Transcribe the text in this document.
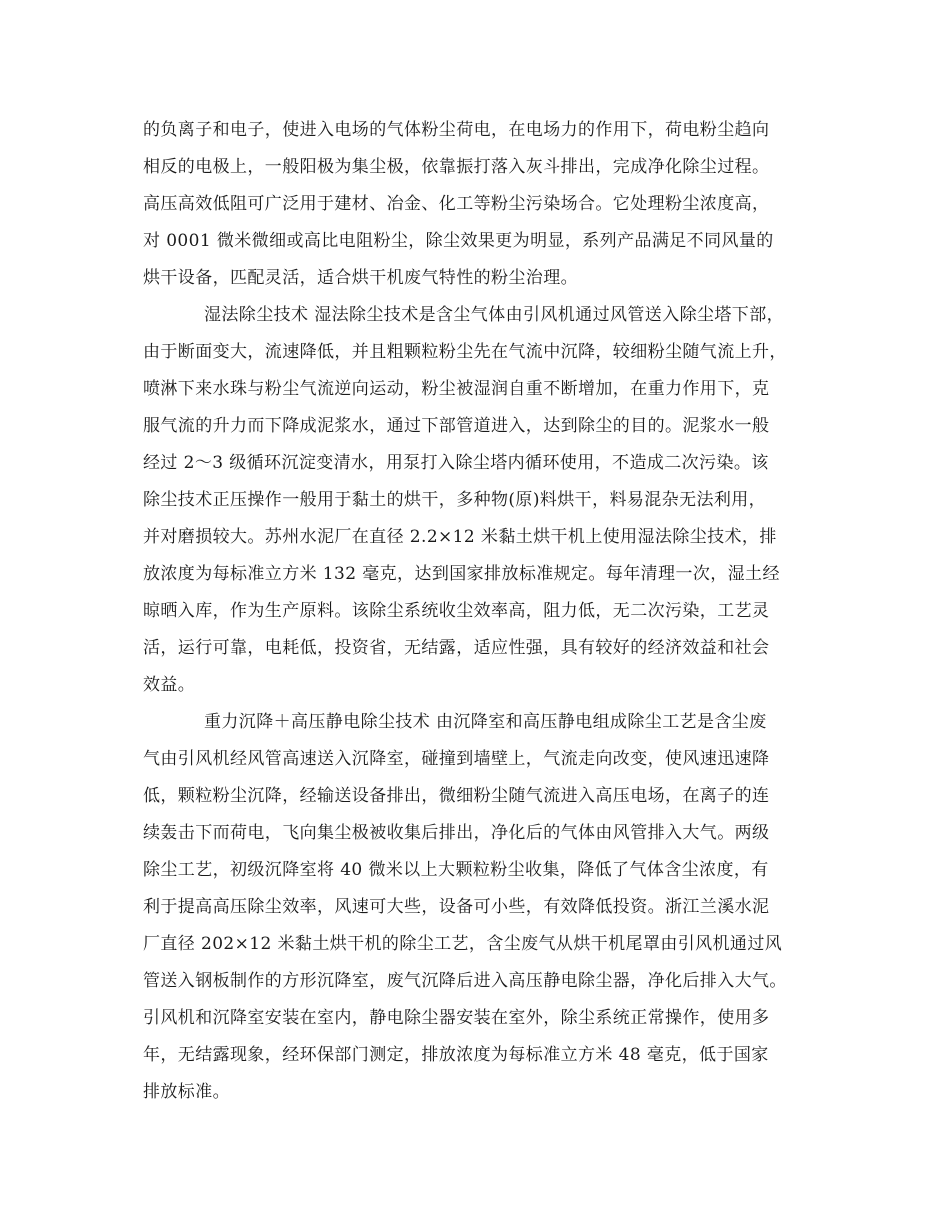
的负离子和电子，使进入电场的气体粉尘荷电，在电场力的作用下，荷电粉尘趋向
相反的电极上，一般阳极为集尘极，依靠振打落入灰斗排出，完成净化除尘过程。
高压高效低阻可广泛用于建材、冶金、化工等粉尘污染场合。它处理粉尘浓度高，
对 0001 微米微细或高比电阻粉尘，除尘效果更为明显，系列产品满足不同风量的
烘干设备，匹配灵活，适合烘干机废气特性的粉尘治理。
湿法除尘技术 湿法除尘技术是含尘气体由引风机通过风管送入除尘塔下部，
由于断面变大，流速降低，并且粗颗粒粉尘先在气流中沉降，较细粉尘随气流上升，
喷淋下来水珠与粉尘气流逆向运动，粉尘被湿润自重不断增加，在重力作用下，克
服气流的升力而下降成泥浆水，通过下部管道进入，达到除尘的目的。泥浆水一般
经过 2～3 级循环沉淀变清水，用泵打入除尘塔内循环使用，不造成二次污染。该
除尘技术正压操作一般用于黏土的烘干，多种物(原)料烘干，料易混杂无法利用，
并对磨损较大。苏州水泥厂在直径 2.2×12 米黏土烘干机上使用湿法除尘技术，排
放浓度为每标准立方米 132 毫克，达到国家排放标准规定。每年清理一次，湿土经
晾晒入库，作为生产原料。该除尘系统收尘效率高，阻力低，无二次污染，工艺灵
活，运行可靠，电耗低，投资省，无结露，适应性强，具有较好的经济效益和社会
效益。
重力沉降＋高压静电除尘技术 由沉降室和高压静电组成除尘工艺是含尘废
气由引风机经风管高速送入沉降室，碰撞到墙壁上，气流走向改变，使风速迅速降
低，颗粒粉尘沉降，经输送设备排出，微细粉尘随气流进入高压电场，在离子的连
续轰击下而荷电，飞向集尘极被收集后排出，净化后的气体由风管排入大气。两级
除尘工艺，初级沉降室将 40 微米以上大颗粒粉尘收集，降低了气体含尘浓度，有
利于提高高压除尘效率，风速可大些，设备可小些，有效降低投资。浙江兰溪水泥
厂直径 202×12 米黏土烘干机的除尘工艺，含尘废气从烘干机尾罩由引风机通过风
管送入钢板制作的方形沉降室，废气沉降后进入高压静电除尘器，净化后排入大气。
引风机和沉降室安装在室内，静电除尘器安装在室外，除尘系统正常操作，使用多
年，无结露现象，经环保部门测定，排放浓度为每标准立方米 48 毫克，低于国家
排放标准。
